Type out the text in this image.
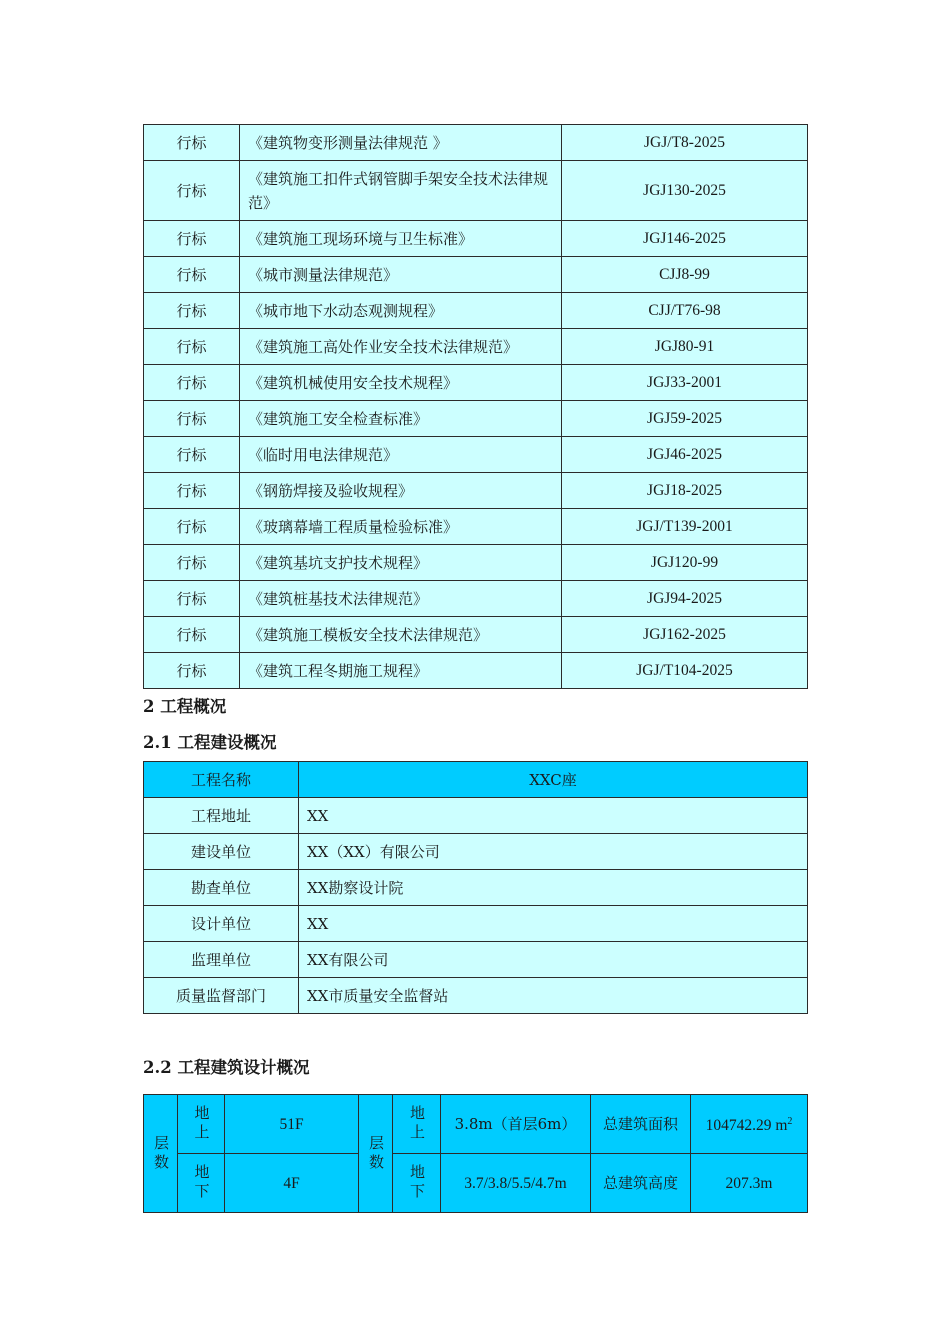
行标	《建筑物变形测量法律规范 》	JGJ/T8-2025
行标	《建筑施工扣件式钢管脚手架安全技术法律规范》	JGJ130-2025
行标	《建筑施工现场环境与卫生标准》	JGJ146-2025
行标	《城市测量法律规范》	CJJ8-99
行标	《城市地下水动态观测规程》	CJJ/T76-98
行标	《建筑施工高处作业安全技术法律规范》	JGJ80-91
行标	《建筑机械使用安全技术规程》	JGJ33-2001
行标	《建筑施工安全检查标准》	JGJ59-2025
行标	《临时用电法律规范》	JGJ46-2025
行标	《钢筋焊接及验收规程》	JGJ18-2025
行标	《玻璃幕墙工程质量检验标准》	JGJ/T139-2001
行标	《建筑基坑支护技术规程》	JGJ120-99
行标	《建筑桩基技术法律规范》	JGJ94-2025
行标	《建筑施工模板安全技术法律规范》	JGJ162-2025
行标	《建筑工程冬期施工规程》	JGJ/T104-2025
2 工程概况
2.1 工程建设概况
工程名称	XXC座
工程地址	XX
建设单位	XX（XX）有限公司
勘查单位	XX勘察设计院
设计单位	XX
监理单位	XX有限公司
质量监督部门	XX市质量安全监督站
2.2 工程建筑设计概况
层数	地上	51F	层数	地上	3.8m（首层6m）	总建筑面积	104742.29 $m^2$
	地下	4F		地下	3.7/3.8/5.5/4.7m	总建筑高度	207.3m
